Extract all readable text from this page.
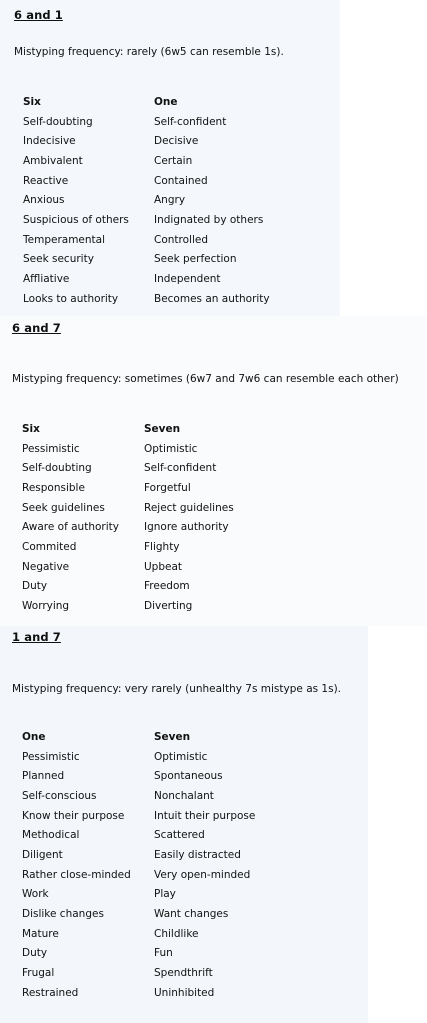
6 and 1
Mistyping frequency: rarely (6w5 can resemble 1s).
Six	One
Self-doubting	Self-confident
Indecisive	Decisive
Ambivalent	Certain
Reactive	Contained
Anxious	Angry
Suspicious of others	Indignated by others
Temperamental	Controlled
Seek security	Seek perfection
Affliative	Independent
Looks to authority	Becomes an authority
6 and 7
Mistyping frequency: sometimes (6w7 and 7w6 can resemble each other)
Six	Seven
Pessimistic	Optimistic
Self-doubting	Self-confident
Responsible	Forgetful
Seek guidelines	Reject guidelines
Aware of authority	Ignore authority
Commited	Flighty
Negative	Upbeat
Duty	Freedom
Worrying	Diverting
1 and 7
Mistyping frequency: very rarely (unhealthy 7s mistype as 1s).
One	Seven
Pessimistic	Optimistic
Planned	Spontaneous
Self-conscious	Nonchalant
Know their purpose	Intuit their purpose
Methodical	Scattered
Diligent	Easily distracted
Rather close-minded	Very open-minded
Work	Play
Dislike changes	Want changes
Mature	Childlike
Duty	Fun
Frugal	Spendthrift
Restrained	Uninhibited
